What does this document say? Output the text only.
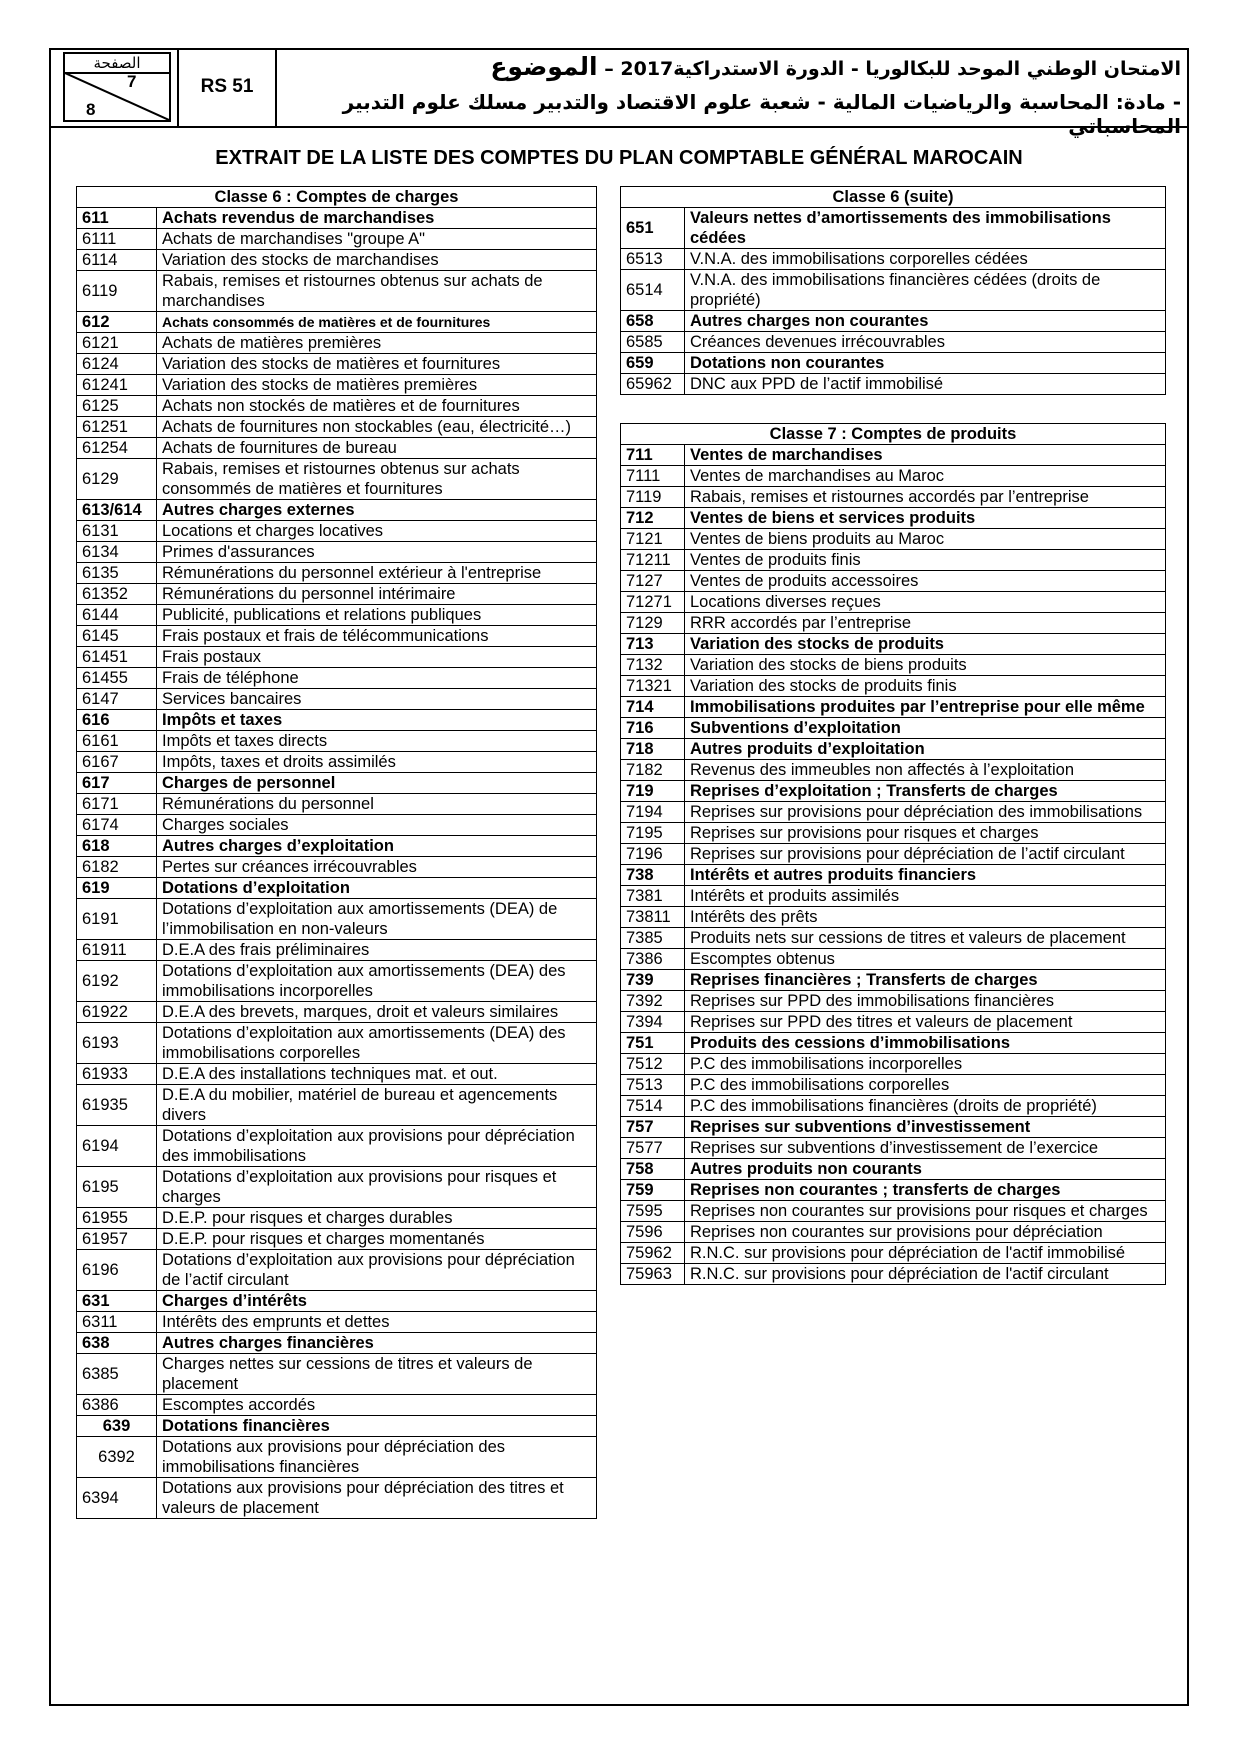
الصفحة
7
8
RS 51
الامتحان الوطني الموحد للبكالوريا - الدورة الاستدراكية2017 – الموضوع
- مادة: المحاسبة والرياضيات المالية - شعبة علوم الاقتصاد والتدبير مسلك علوم التدبير المحاسباتي
EXTRAIT DE LA LISTE DES COMPTES DU PLAN COMPTABLE GÉNÉRAL MAROCAIN
Classe 6 : Comptes de charges	
611	Achats revendus de marchandises
6111	Achats de marchandises "groupe A"
6114	Variation des stocks de marchandises
6119	Rabais, remises et ristournes obtenus sur achats de marchandises
612	Achats consommés de matières et de fournitures
6121	Achats de matières premières
6124	Variation des stocks de matières et fournitures
61241	Variation des stocks de matières premières
6125	Achats non stockés de matières et de fournitures
61251	Achats de fournitures non stockables (eau, électricité…)
61254	Achats de fournitures de bureau
6129	Rabais, remises et ristournes obtenus sur achats consommés de matières et fournitures
613/614	Autres charges externes
6131	Locations et charges locatives
6134	Primes d'assurances
6135	Rémunérations du personnel extérieur à l'entreprise
61352	Rémunérations du personnel intérimaire
6144	Publicité, publications et relations publiques
6145	Frais postaux et frais de télécommunications
61451	Frais postaux
61455	Frais de téléphone
6147	Services bancaires
616	Impôts et taxes
6161	Impôts et taxes directs
6167	Impôts, taxes et droits assimilés
617	Charges de personnel
6171	Rémunérations du personnel
6174	Charges sociales
618	Autres charges d’exploitation
6182	Pertes sur créances irrécouvrables
619	Dotations d’exploitation
6191	Dotations d’exploitation aux amortissements (DEA) de l’immobilisation en non-valeurs
61911	D.E.A des frais préliminaires
6192	Dotations d’exploitation aux amortissements (DEA) des immobilisations incorporelles
61922	D.E.A des brevets, marques, droit et valeurs similaires
6193	Dotations d’exploitation aux amortissements (DEA) des immobilisations corporelles
61933	D.E.A des installations techniques mat. et out.
61935	D.E.A du mobilier, matériel de bureau et agencements divers
6194	Dotations d’exploitation aux provisions pour dépréciation des immobilisations
6195	Dotations d’exploitation aux provisions pour risques et charges
61955	D.E.P. pour risques et charges durables
61957	D.E.P. pour risques et charges momentanés
6196	Dotations d’exploitation aux provisions pour dépréciation de l’actif circulant
631	Charges d’intérêts
6311	Intérêts des emprunts et dettes
638	Autres charges financières
6385	Charges nettes sur cessions de titres et valeurs de placement
6386	Escomptes accordés
639	Dotations financières
6392	Dotations aux provisions pour dépréciation des immobilisations financières
6394	Dotations aux provisions pour dépréciation des titres et valeurs de placement
Classe 6 (suite)	
651	Valeurs nettes d’amortissements des immobilisations cédées
6513	V.N.A. des immobilisations corporelles cédées
6514	V.N.A. des immobilisations financières cédées (droits de propriété)
658	Autres charges non courantes
6585	Créances devenues irrécouvrables
659	Dotations non courantes
65962	DNC aux PPD de l’actif immobilisé
Classe 7 : Comptes de produits	
711	Ventes de marchandises
7111	Ventes de marchandises au Maroc
7119	Rabais, remises et ristournes accordés par l’entreprise
712	Ventes de biens et services produits
7121	Ventes de biens produits au Maroc
71211	Ventes de produits finis
7127	Ventes de produits accessoires
71271	Locations diverses reçues
7129	RRR accordés par l’entreprise
713	Variation des stocks de produits
7132	Variation des stocks de biens produits
71321	Variation des stocks de produits finis
714	Immobilisations produites par l’entreprise pour elle même
716	Subventions d’exploitation
718	Autres produits d’exploitation
7182	Revenus des immeubles non affectés à l’exploitation
719	Reprises d’exploitation ; Transferts de charges
7194	Reprises sur provisions pour dépréciation des immobilisations
7195	Reprises sur provisions pour risques et charges
7196	Reprises sur provisions pour dépréciation de l’actif circulant
738	Intérêts et autres produits financiers
7381	Intérêts et produits assimilés
73811	Intérêts des prêts
7385	Produits nets sur cessions de titres et valeurs de placement
7386	Escomptes obtenus
739	Reprises financières ; Transferts de charges
7392	Reprises sur PPD des immobilisations financières
7394	Reprises sur PPD des titres et valeurs de placement
751	Produits des cessions d’immobilisations
7512	P.C des immobilisations incorporelles
7513	P.C des immobilisations corporelles
7514	P.C des immobilisations financières (droits de propriété)
757	Reprises sur subventions d’investissement
7577	Reprises sur subventions d’investissement de l’exercice
758	Autres produits non courants
759	Reprises non courantes ; transferts de charges
7595	Reprises non courantes sur provisions pour risques et charges
7596	Reprises non courantes sur provisions pour dépréciation
75962	R.N.C. sur provisions pour dépréciation de l'actif immobilisé
75963	R.N.C. sur provisions pour dépréciation de l'actif circulant
